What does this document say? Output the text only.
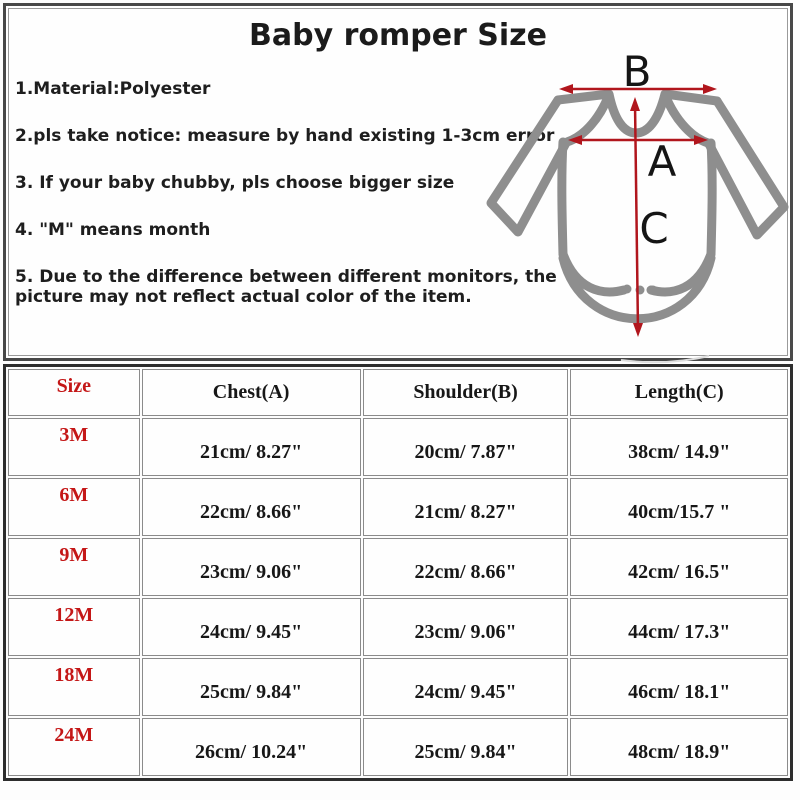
Baby romper Size

1.Material:Polyester

2.pls take notice: measure by hand existing 1-3cm error

3. If your baby chubby, pls choose bigger size

4. "M" means month

5. Due to the difference between different monitors, the picture may not reflect actual color of the item.

B
A
C
Size	Chest(A)	Shoulder(B)	Length(C)
3M	21cm/ 8.27"	20cm/ 7.87"	38cm/ 14.9"
6M	22cm/ 8.66"	21cm/ 8.27"	40cm/15.7 "
9M	23cm/ 9.06"	22cm/ 8.66"	42cm/ 16.5"
12M	24cm/ 9.45"	23cm/ 9.06"	44cm/ 17.3"
18M	25cm/ 9.84"	24cm/ 9.45"	46cm/ 18.1"
24M	26cm/ 10.24"	25cm/ 9.84"	48cm/ 18.9"
